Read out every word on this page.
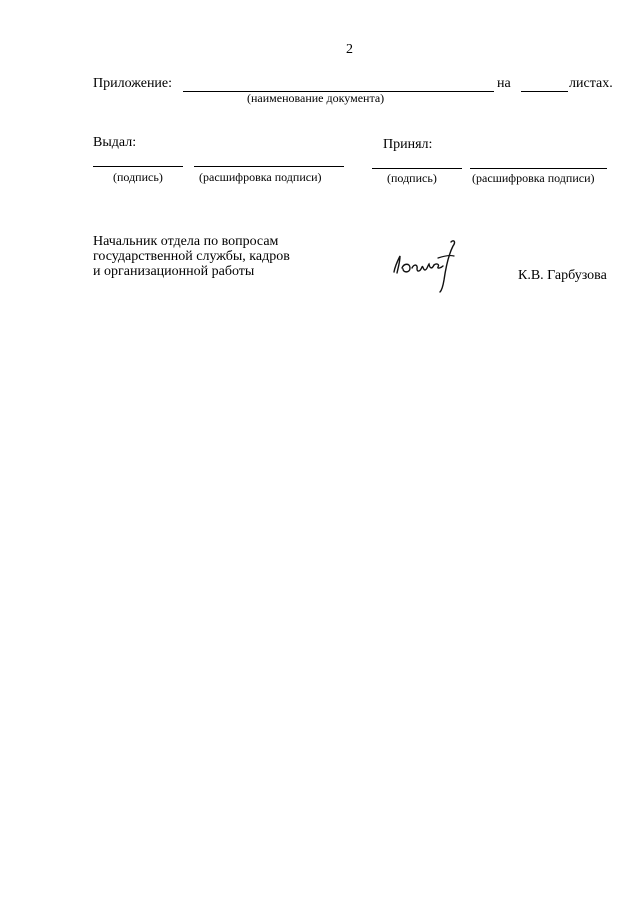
2
Приложение:	на	листах.
(наименование документа)
Выдал:
(подпись)	(расшифровка подписи)
Принял:
(подпись)	(расшифровка подписи)
Начальник отдела по вопросам
государственной службы, кадров
и организационной работы	К.В. Гарбузова
